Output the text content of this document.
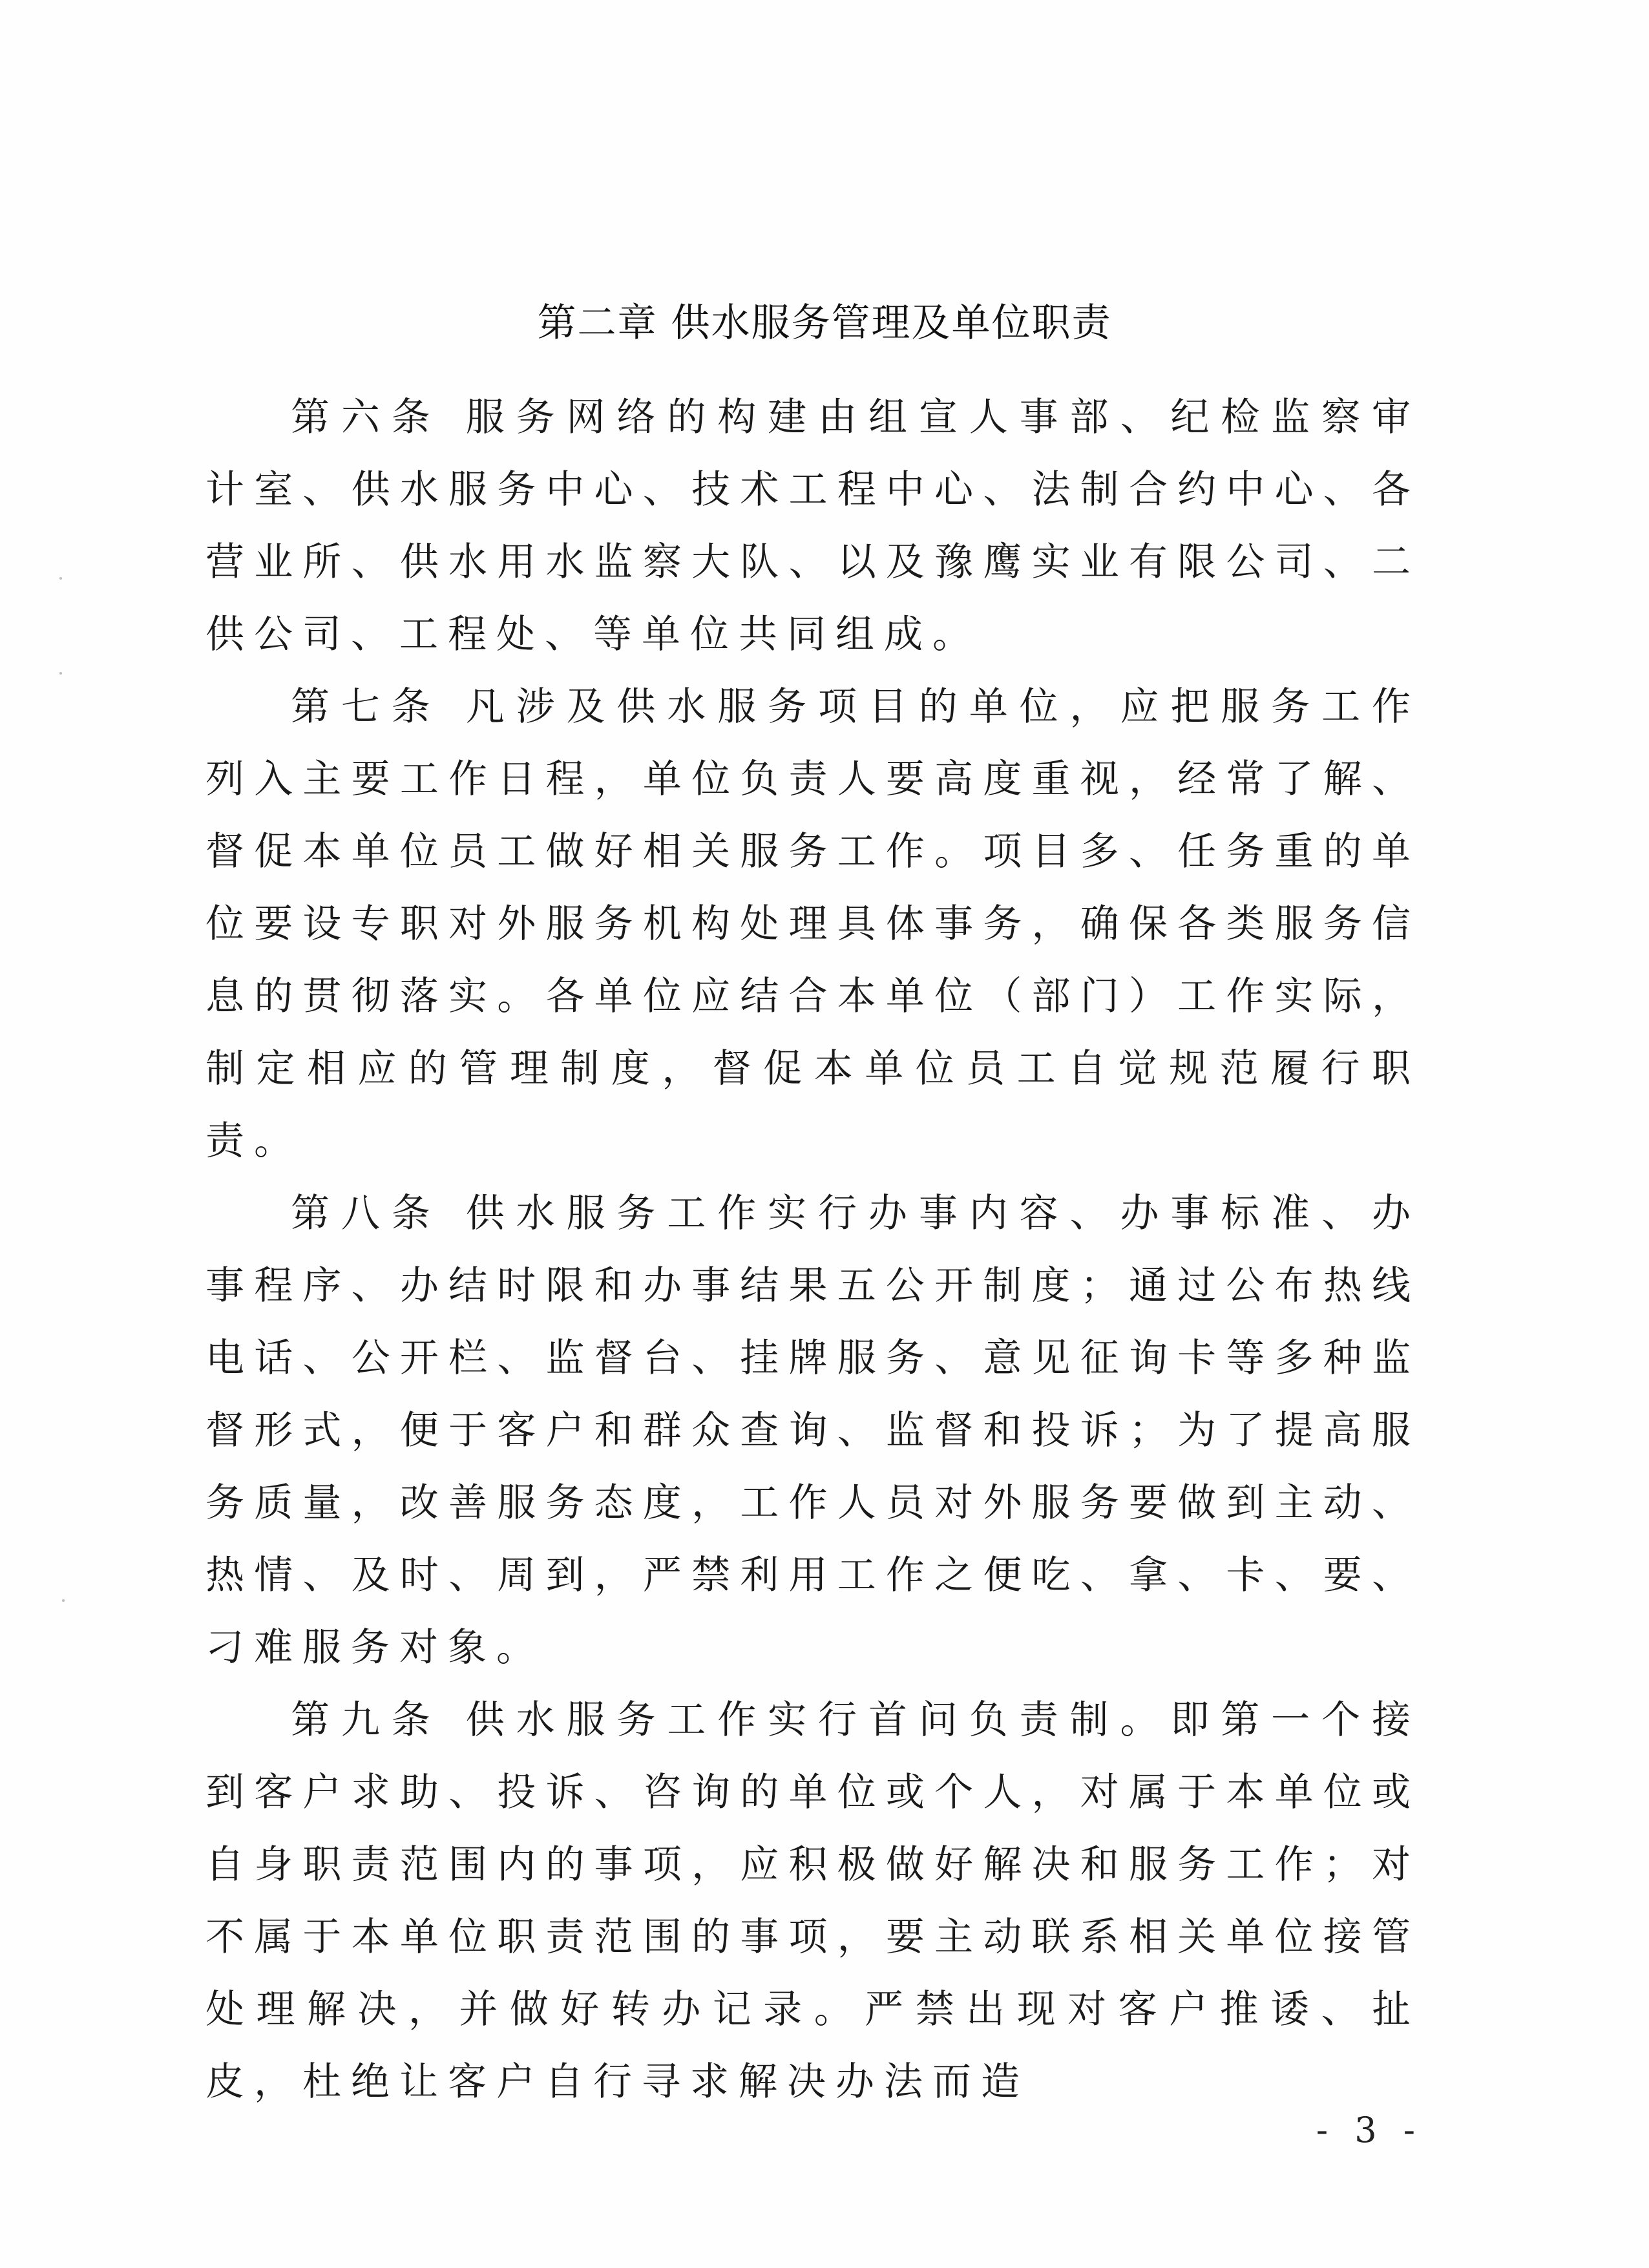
第二章 供水服务管理及单位职责

第六条 服务网络的构建由组宣人事部、纪检监察审计室、供水服务中心、技术工程中心、法制合约中心、各营业所、供水用水监察大队、以及豫鹰实业有限公司、二供公司、工程处、等单位共同组成。

第七条 凡涉及供水服务项目的单位，应把服务工作列入主要工作日程，单位负责人要高度重视，经常了解、督促本单位员工做好相关服务工作。项目多、任务重的单位要设专职对外服务机构处理具体事务，确保各类服务信息的贯彻落实。各单位应结合本单位（部门）工作实际，制定相应的管理制度，督促本单位员工自觉规范履行职责。

第八条 供水服务工作实行办事内容、办事标准、办事程序、办结时限和办事结果五公开制度；通过公布热线电话、公开栏、监督台、挂牌服务、意见征询卡等多种监督形式，便于客户和群众查询、监督和投诉；为了提高服务质量，改善服务态度，工作人员对外服务要做到主动、热情、及时、周到，严禁利用工作之便吃、拿、卡、要、刁难服务对象。

第九条 供水服务工作实行首问负责制。即第一个接到客户求助、投诉、咨询的单位或个人，对属于本单位或自身职责范围内的事项，应积极做好解决和服务工作；对不属于本单位职责范围的事项，要主动联系相关单位接管处理解决，并做好转办记录。严禁出现对客户推诿、扯皮，杜绝让客户自行寻求解决办法而造

- 3 -
